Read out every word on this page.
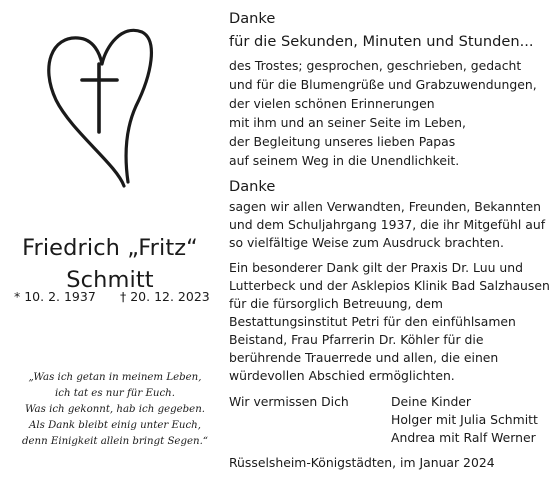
Friedrich „Fritz“
Schmitt
* 10. 2. 1937 † 20. 12. 2023
„Was ich getan in meinem Leben,
ich tat es nur für Euch.
Was ich gekonnt, hab ich gegeben.
Als Dank bleibt einig unter Euch,
denn Einigkeit allein bringt Segen.“
Danke
für die Sekunden, Minuten und Stunden...
des Trostes; gesprochen, geschrieben, gedacht
und für die Blumengrüße und Grabzuwendungen,
der vielen schönen Erinnerungen
mit ihm und an seiner Seite im Leben,
der Begleitung unseres lieben Papas
auf seinem Weg in die Unendlichkeit.
Danke
sagen wir allen Verwandten, Freunden, Bekannten
und dem Schuljahrgang 1937, die ihr Mitgefühl auf
so vielfältige Weise zum Ausdruck brachten.
Ein besonderer Dank gilt der Praxis Dr. Luu und
Lutterbeck und der Asklepios Klinik Bad Salzhausen
für die fürsorglich Betreuung, dem
Bestattungsinstitut Petri für den einfühlsamen
Beistand, Frau Pfarrerin Dr. Köhler für die
berührende Trauerrede und allen, die einen
würdevollen Abschied ermöglichten.
Wir vermissen Dich	Deine Kinder
Holger mit Julia Schmitt
Andrea mit Ralf Werner
Rüsselsheim-Königstädten, im Januar 2024
